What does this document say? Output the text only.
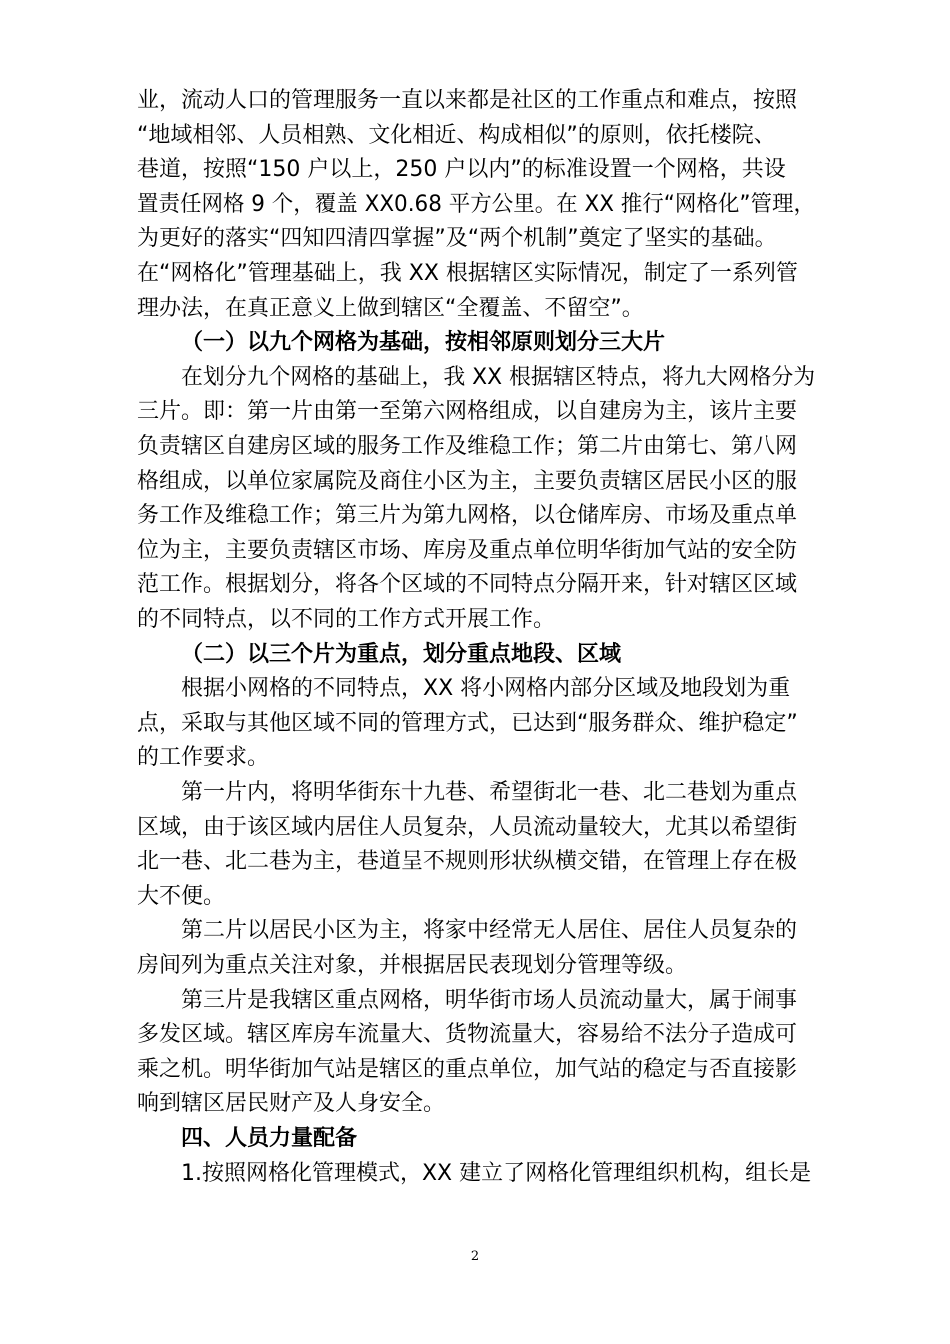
业，流动人口的管理服务一直以来都是社区的工作重点和难点，按照
“地域相邻、人员相熟、文化相近、构成相似”的原则，依托楼院、
巷道，按照“150 户以上，250 户以内”的标准设置一个网格，共设
置责任网格 9 个，覆盖 XX0.68 平方公里。在 XX 推行“网格化”管理，
为更好的落实“四知四清四掌握”及“两个机制”奠定了坚实的基础。
在“网格化”管理基础上，我 XX 根据辖区实际情况，制定了一系列管
理办法，在真正意义上做到辖区“全覆盖、不留空”。
（一）以九个网格为基础，按相邻原则划分三大片
在划分九个网格的基础上，我 XX 根据辖区特点，将九大网格分为
三片。即：第一片由第一至第六网格组成，以自建房为主，该片主要
负责辖区自建房区域的服务工作及维稳工作；第二片由第七、第八网
格组成，以单位家属院及商住小区为主，主要负责辖区居民小区的服
务工作及维稳工作；第三片为第九网格，以仓储库房、市场及重点单
位为主，主要负责辖区市场、库房及重点单位明华街加气站的安全防
范工作。根据划分，将各个区域的不同特点分隔开来，针对辖区区域
的不同特点，以不同的工作方式开展工作。
（二）以三个片为重点，划分重点地段、区域
根据小网格的不同特点，XX 将小网格内部分区域及地段划为重
点，采取与其他区域不同的管理方式，已达到“服务群众、维护稳定”
的工作要求。
第一片内，将明华街东十九巷、希望街北一巷、北二巷划为重点
区域，由于该区域内居住人员复杂，人员流动量较大，尤其以希望街
北一巷、北二巷为主，巷道呈不规则形状纵横交错，在管理上存在极
大不便。
第二片以居民小区为主，将家中经常无人居住、居住人员复杂的
房间列为重点关注对象，并根据居民表现划分管理等级。
第三片是我辖区重点网格，明华街市场人员流动量大，属于闹事
多发区域。辖区库房车流量大、货物流量大，容易给不法分子造成可
乘之机。明华街加气站是辖区的重点单位，加气站的稳定与否直接影
响到辖区居民财产及人身安全。
四、人员力量配备
1.按照网格化管理模式，XX 建立了网格化管理组织机构，组长是
2
